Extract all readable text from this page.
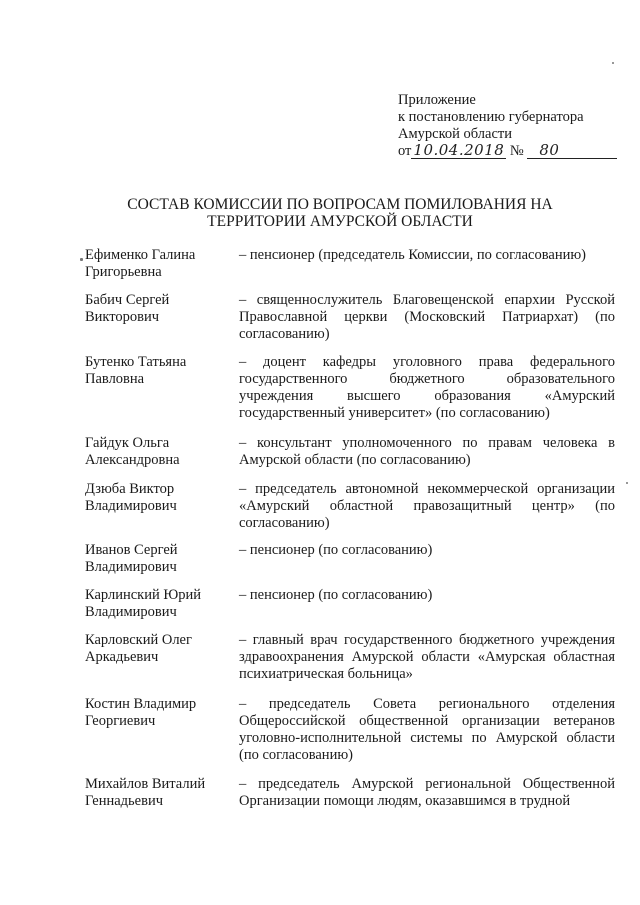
Приложение
к постановлению губернатора
Амурской области
от 10.04.2018 № 80
СОСТАВ КОМИССИИ ПО ВОПРОСАМ ПОМИЛОВАНИЯ НА
ТЕРРИТОРИИ АМУРСКОЙ ОБЛАСТИ
Ефименко Галина
Григорьевна
– пенсионер (председатель Комиссии, по согласованию)
Бабич Сергей
Викторович
– священнослужитель Благовещенской епархии Русской Православной церкви (Московский Патриархат) (по согласованию)
Бутенко Татьяна
Павловна
– доцент кафедры уголовного права федерального государственного бюджетного образовательного учреждения высшего образования «Амурский государственный университет» (по согласованию)
Гайдук Ольга
Александровна
– консультант уполномоченного по правам человека в Амурской области (по согласованию)
Дзюба Виктор
Владимирович
– председатель автономной некоммерческой организации «Амурский областной правозащитный центр» (по согласованию)
Иванов Сергей
Владимирович
– пенсионер (по согласованию)
Карлинский Юрий
Владимирович
– пенсионер (по согласованию)
Карловский Олег
Аркадьевич
– главный врач государственного бюджетного учреждения здравоохранения Амурской области «Амурская областная психиатрическая больница»
Костин Владимир
Георгиевич
– председатель Совета регионального отделения Общероссийской общественной организации ветеранов уголовно-исполнительной системы по Амурской области (по согласованию)
Михайлов Виталий
Геннадьевич
– председатель Амурской региональной Общественной Организации помощи людям, оказавшимся в трудной
